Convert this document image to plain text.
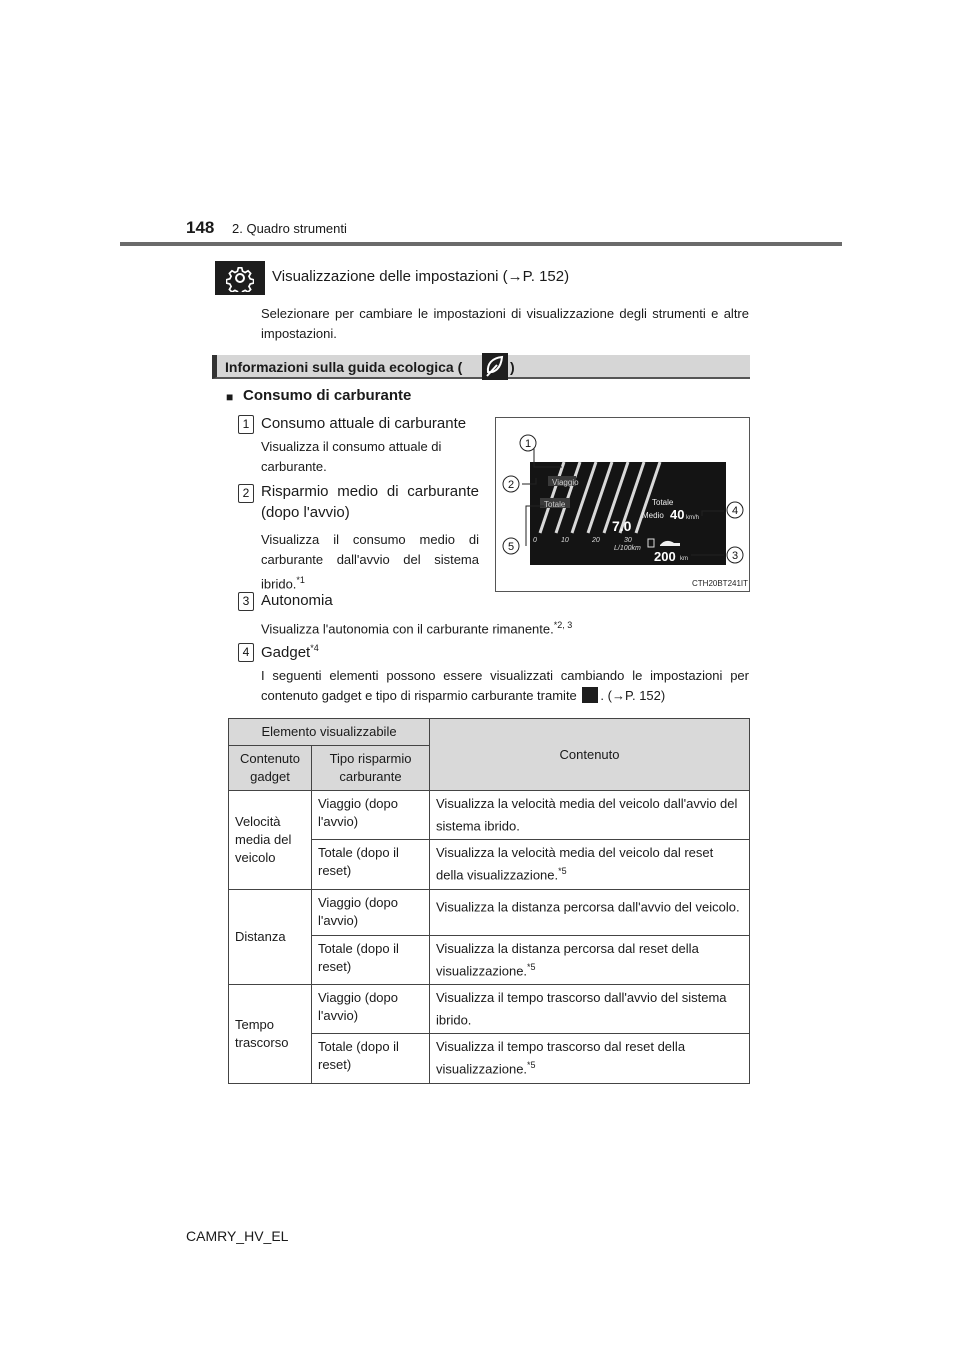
148 2. Quadro strumenti
Visualizzazione delle impostazioni (→P. 152)
Selezionare per cambiare le impostazioni di visualizzazione degli strumenti e altre impostazioni.
Informazioni sulla guida ecologica (	)
■ Consumo di carburante
1 Consumo attuale di carburante
Visualizza il consumo attuale di carburante.
2 Risparmio medio di carburante
(dopo l'avvio)
Visualizza il consumo medio di carburante dall'avvio del sistema ibrido.$^{*1}$
3 Autonomia
Visualizza l'autonomia con il carburante rimanente.$^{*2, 3}$
4 Gadget$^{*4}$
I seguenti elementi possono essere visualizzati cambiando le impostazioni per
contenuto gadget e tipo di risparmio carburante tramite . (→P. 152)
Viaggio
Totale	Totale
Medio 40 km/h
7.0
0	10	20	30
L/100km
200 km
1
2
3
4
5
CTH20BT241IT
Elemento visualizzabile		Contenuto
Contenuto gadget	Tipo risparmio carburante	
Velocità media del veicolo	Viaggio (dopo l'avvio)	Visualizza la velocità media del veicolo dall'avvio del sistema ibrido.
	Totale (dopo il reset)	Visualizza la velocità media del veicolo dal reset della visualizzazione.$^{*5}$
Distanza	Viaggio (dopo l'avvio)	Visualizza la distanza percorsa dall'avvio del veicolo.
	Totale (dopo il reset)	Visualizza la distanza percorsa dal reset della visualizzazione.$^{*5}$
Tempo trascorso	Viaggio (dopo l'avvio)	Visualizza il tempo trascorso dall'avvio del sistema ibrido.
	Totale (dopo il reset)	Visualizza il tempo trascorso dal reset della visualizzazione.$^{*5}$
CAMRY_HV_EL
